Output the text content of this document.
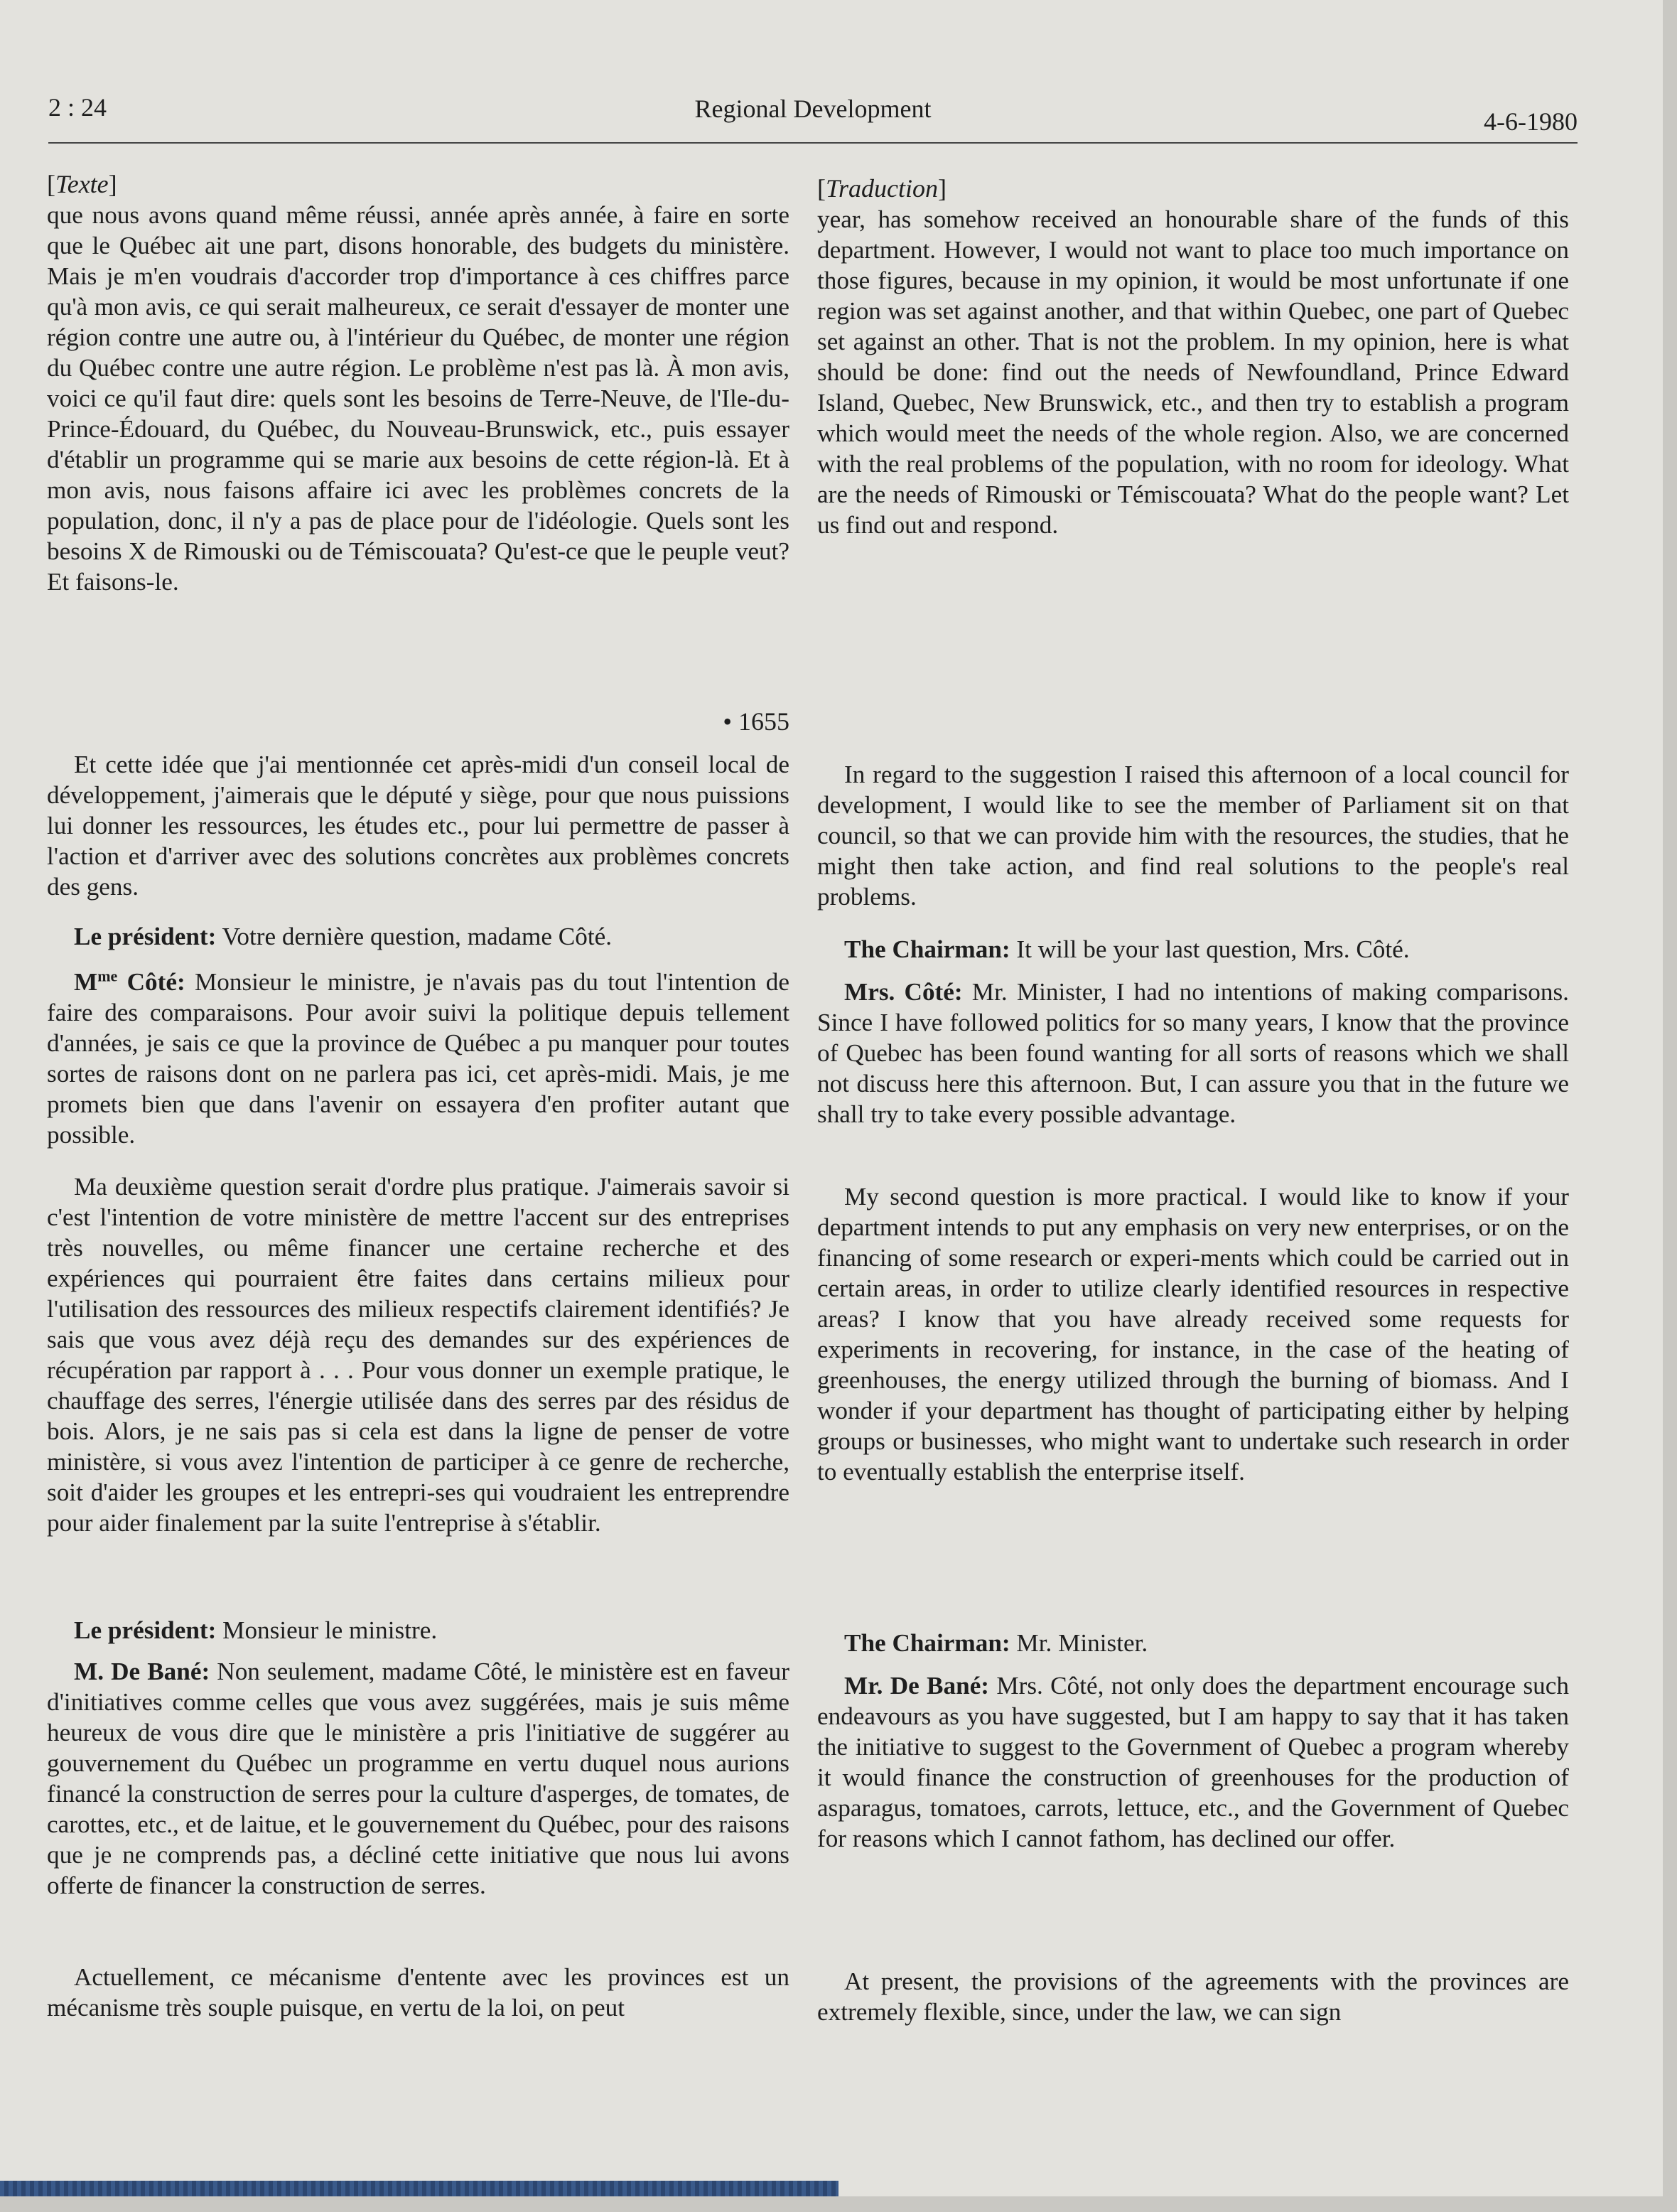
2 : 24	Regional Development	4-6-1980
[ Texte ]

que nous avons quand même réussi, année après année, à faire en sorte que le Québec ait une part, disons honorable, des budgets du ministère. Mais je m'en voudrais d'accorder trop d'importance à ces chiffres parce qu'à mon avis, ce qui serait malheureux, ce serait d'essayer de monter une région contre une autre ou, à l'intérieur du Québec, de monter une région du Québec contre une autre région. Le problème n'est pas là. À mon avis, voici ce qu'il faut dire: quels sont les besoins de Terre-Neuve, de l'Ile-du-Prince-Édouard, du Québec, du Nouveau-Brunswick, etc., puis essayer d'établir un programme qui se marie aux besoins de cette région-là. Et à mon avis, nous faisons affaire ici avec les problèmes concrets de la population, donc, il n'y a pas de place pour de l'idéologie. Quels sont les besoins X de Rimouski ou de Témiscouata? Qu'est-ce que le peuple veut? Et faisons-le.

• 1655

Et cette idée que j'ai mentionnée cet après-midi d'un conseil local de développement, j'aimerais que le député y siège, pour que nous puissions lui donner les ressources, les études etc., pour lui permettre de passer à l'action et d'arriver avec des solutions concrètes aux problèmes concrets des gens.

Le président: Votre dernière question, madame Côté.

$M^{me}$ Côté: Monsieur le ministre, je n'avais pas du tout l'intention de faire des comparaisons. Pour avoir suivi la politique depuis tellement d'années, je sais ce que la province de Québec a pu manquer pour toutes sortes de raisons dont on ne parlera pas ici, cet après-midi. Mais, je me promets bien que dans l'avenir on essayera d'en profiter autant que possible.

Ma deuxième question serait d'ordre plus pratique. J'aimerais savoir si c'est l'intention de votre ministère de mettre l'accent sur des entreprises très nouvelles, ou même financer une certaine recherche et des expériences qui pourraient être faites dans certains milieux pour l'utilisation des ressources des milieux respectifs clairement identifiés? Je sais que vous avez déjà reçu des demandes sur des expériences de récupération par rapport à . . . Pour vous donner un exemple pratique, le chauffage des serres, l'énergie utilisée dans des serres par des résidus de bois. Alors, je ne sais pas si cela est dans la ligne de penser de votre ministère, si vous avez l'intention de participer à ce genre de recherche, soit d'aider les groupes et les entrepri-ses qui voudraient les entreprendre pour aider finalement par la suite l'entreprise à s'établir.

Le président: Monsieur le ministre.

M. De Bané: Non seulement, madame Côté, le ministère est en faveur d'initiatives comme celles que vous avez suggérées, mais je suis même heureux de vous dire que le ministère a pris l'initiative de suggérer au gouvernement du Québec un programme en vertu duquel nous aurions financé la construction de serres pour la culture d'asperges, de tomates, de carottes, etc., et de laitue, et le gouvernement du Québec, pour des raisons que je ne comprends pas, a décliné cette initiative que nous lui avons offerte de financer la construction de serres.

Actuellement, ce mécanisme d'entente avec les provinces est un mécanisme très souple puisque, en vertu de la loi, on peut

[ Traduction ]

year, has somehow received an honourable share of the funds of this department. However, I would not want to place too much importance on those figures, because in my opinion, it would be most unfortunate if one region was set against another, and that within Quebec, one part of Quebec set against an other. That is not the problem. In my opinion, here is what should be done: find out the needs of Newfoundland, Prince Edward Island, Quebec, New Brunswick, etc., and then try to establish a program which would meet the needs of the whole region. Also, we are concerned with the real problems of the population, with no room for ideology. What are the needs of Rimouski or Témiscouata? What do the people want? Let us find out and respond.

In regard to the suggestion I raised this afternoon of a local council for development, I would like to see the member of Parliament sit on that council, so that we can provide him with the resources, the studies, that he might then take action, and find real solutions to the people's real problems.

The Chairman: It will be your last question, Mrs. Côté.

Mrs. Côté: Mr. Minister, I had no intentions of making comparisons. Since I have followed politics for so many years, I know that the province of Quebec has been found wanting for all sorts of reasons which we shall not discuss here this afternoon. But, I can assure you that in the future we shall try to take every possible advantage.

My second question is more practical. I would like to know if your department intends to put any emphasis on very new enterprises, or on the financing of some research or experi-ments which could be carried out in certain areas, in order to utilize clearly identified resources in respective areas? I know that you have already received some requests for experiments in recovering, for instance, in the case of the heating of greenhouses, the energy utilized through the burning of biomass. And I wonder if your department has thought of participating either by helping groups or businesses, who might want to undertake such research in order to eventually establish the enterprise itself.

The Chairman: Mr. Minister.

Mr. De Bané: Mrs. Côté, not only does the department encourage such endeavours as you have suggested, but I am happy to say that it has taken the initiative to suggest to the Government of Quebec a program whereby it would finance the construction of greenhouses for the production of asparagus, tomatoes, carrots, lettuce, etc., and the Government of Quebec for reasons which I cannot fathom, has declined our offer.

At present, the provisions of the agreements with the provinces are extremely flexible, since, under the law, we can sign
